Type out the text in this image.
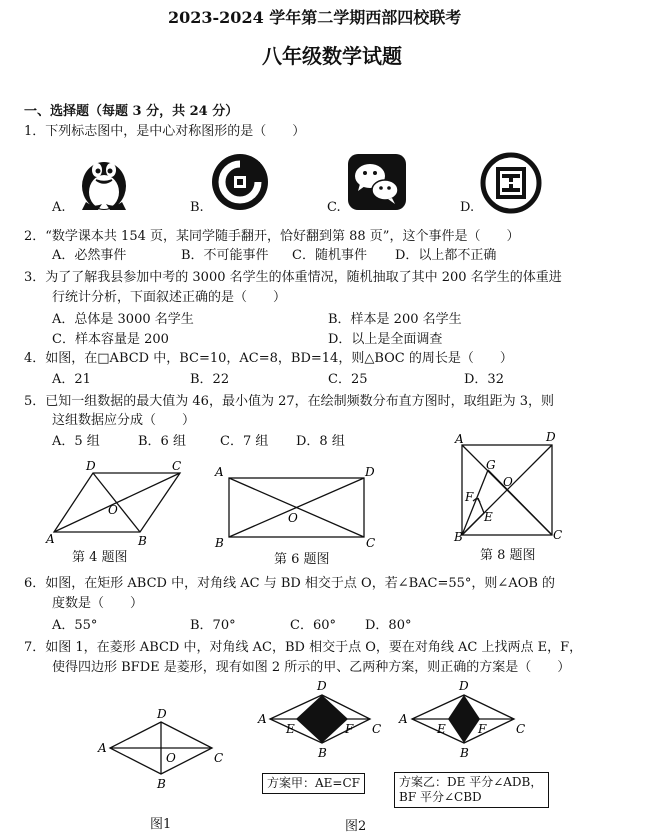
2023-2024 学年第二学期西部四校联考
八年级数学试题
一、选择题（每题 3 分，共 24 分）
1．下列标志图中，是中心对称图形的是（　　）
A.	B.	C.	D.
2．“数学课本共 154 页，某同学随手翻开，恰好翻到第 88 页”，这个事件是（　　）
A．必然事件	B．不可能事件 C．随机事件 D．以上都不正确
3．为了了解我县参加中考的 3000 名学生的体重情况，随机抽取了其中 200 名学生的体重进
行统计分析，下面叙述正确的是（　　）
A．总体是 3000 名学生	B．样本是 200 名学生
C．样本容量是 200	D．以上是全面调查
4．如图，在□ABCD 中，BC=10，AC=8，BD=14，则△BOC 的周长是（　　）
A．21	B．22	C．25	D．32
5．已知一组数据的最大值为 46，最小值为 27，在绘制频数分布直方图时，取组距为 3，则
这组数据应分成（　　）
A．5 组	B．6 组	C．7 组 D．8 组
D	C
A	B
O
A	D
B	C
O
A	D
B	C
G
O
F
E
D
A
C
B
O
D
A
C
B
E	F
D
A
C
B
E	F
第 4 题图	第 6 题图	第 8 题图
6．如图，在矩形 ABCD 中，对角线 AC 与 BD 相交于点 O，若∠BAC=55°，则∠AOB 的
度数是（　　）
A．55°	B．70°	C．60° D．80°
7．如图 1，在菱形 ABCD 中，对角线 AC，BD 相交于点 O，要在对角线 AC 上找两点 E，F，
使得四边形 BFDE 是菱形，现有如图 2 所示的甲、乙两种方案，则正确的方案是（　　）
方案甲：AE=CF	方案乙：DE 平分∠ADB，
BF 平分∠CBD
图1	图2
